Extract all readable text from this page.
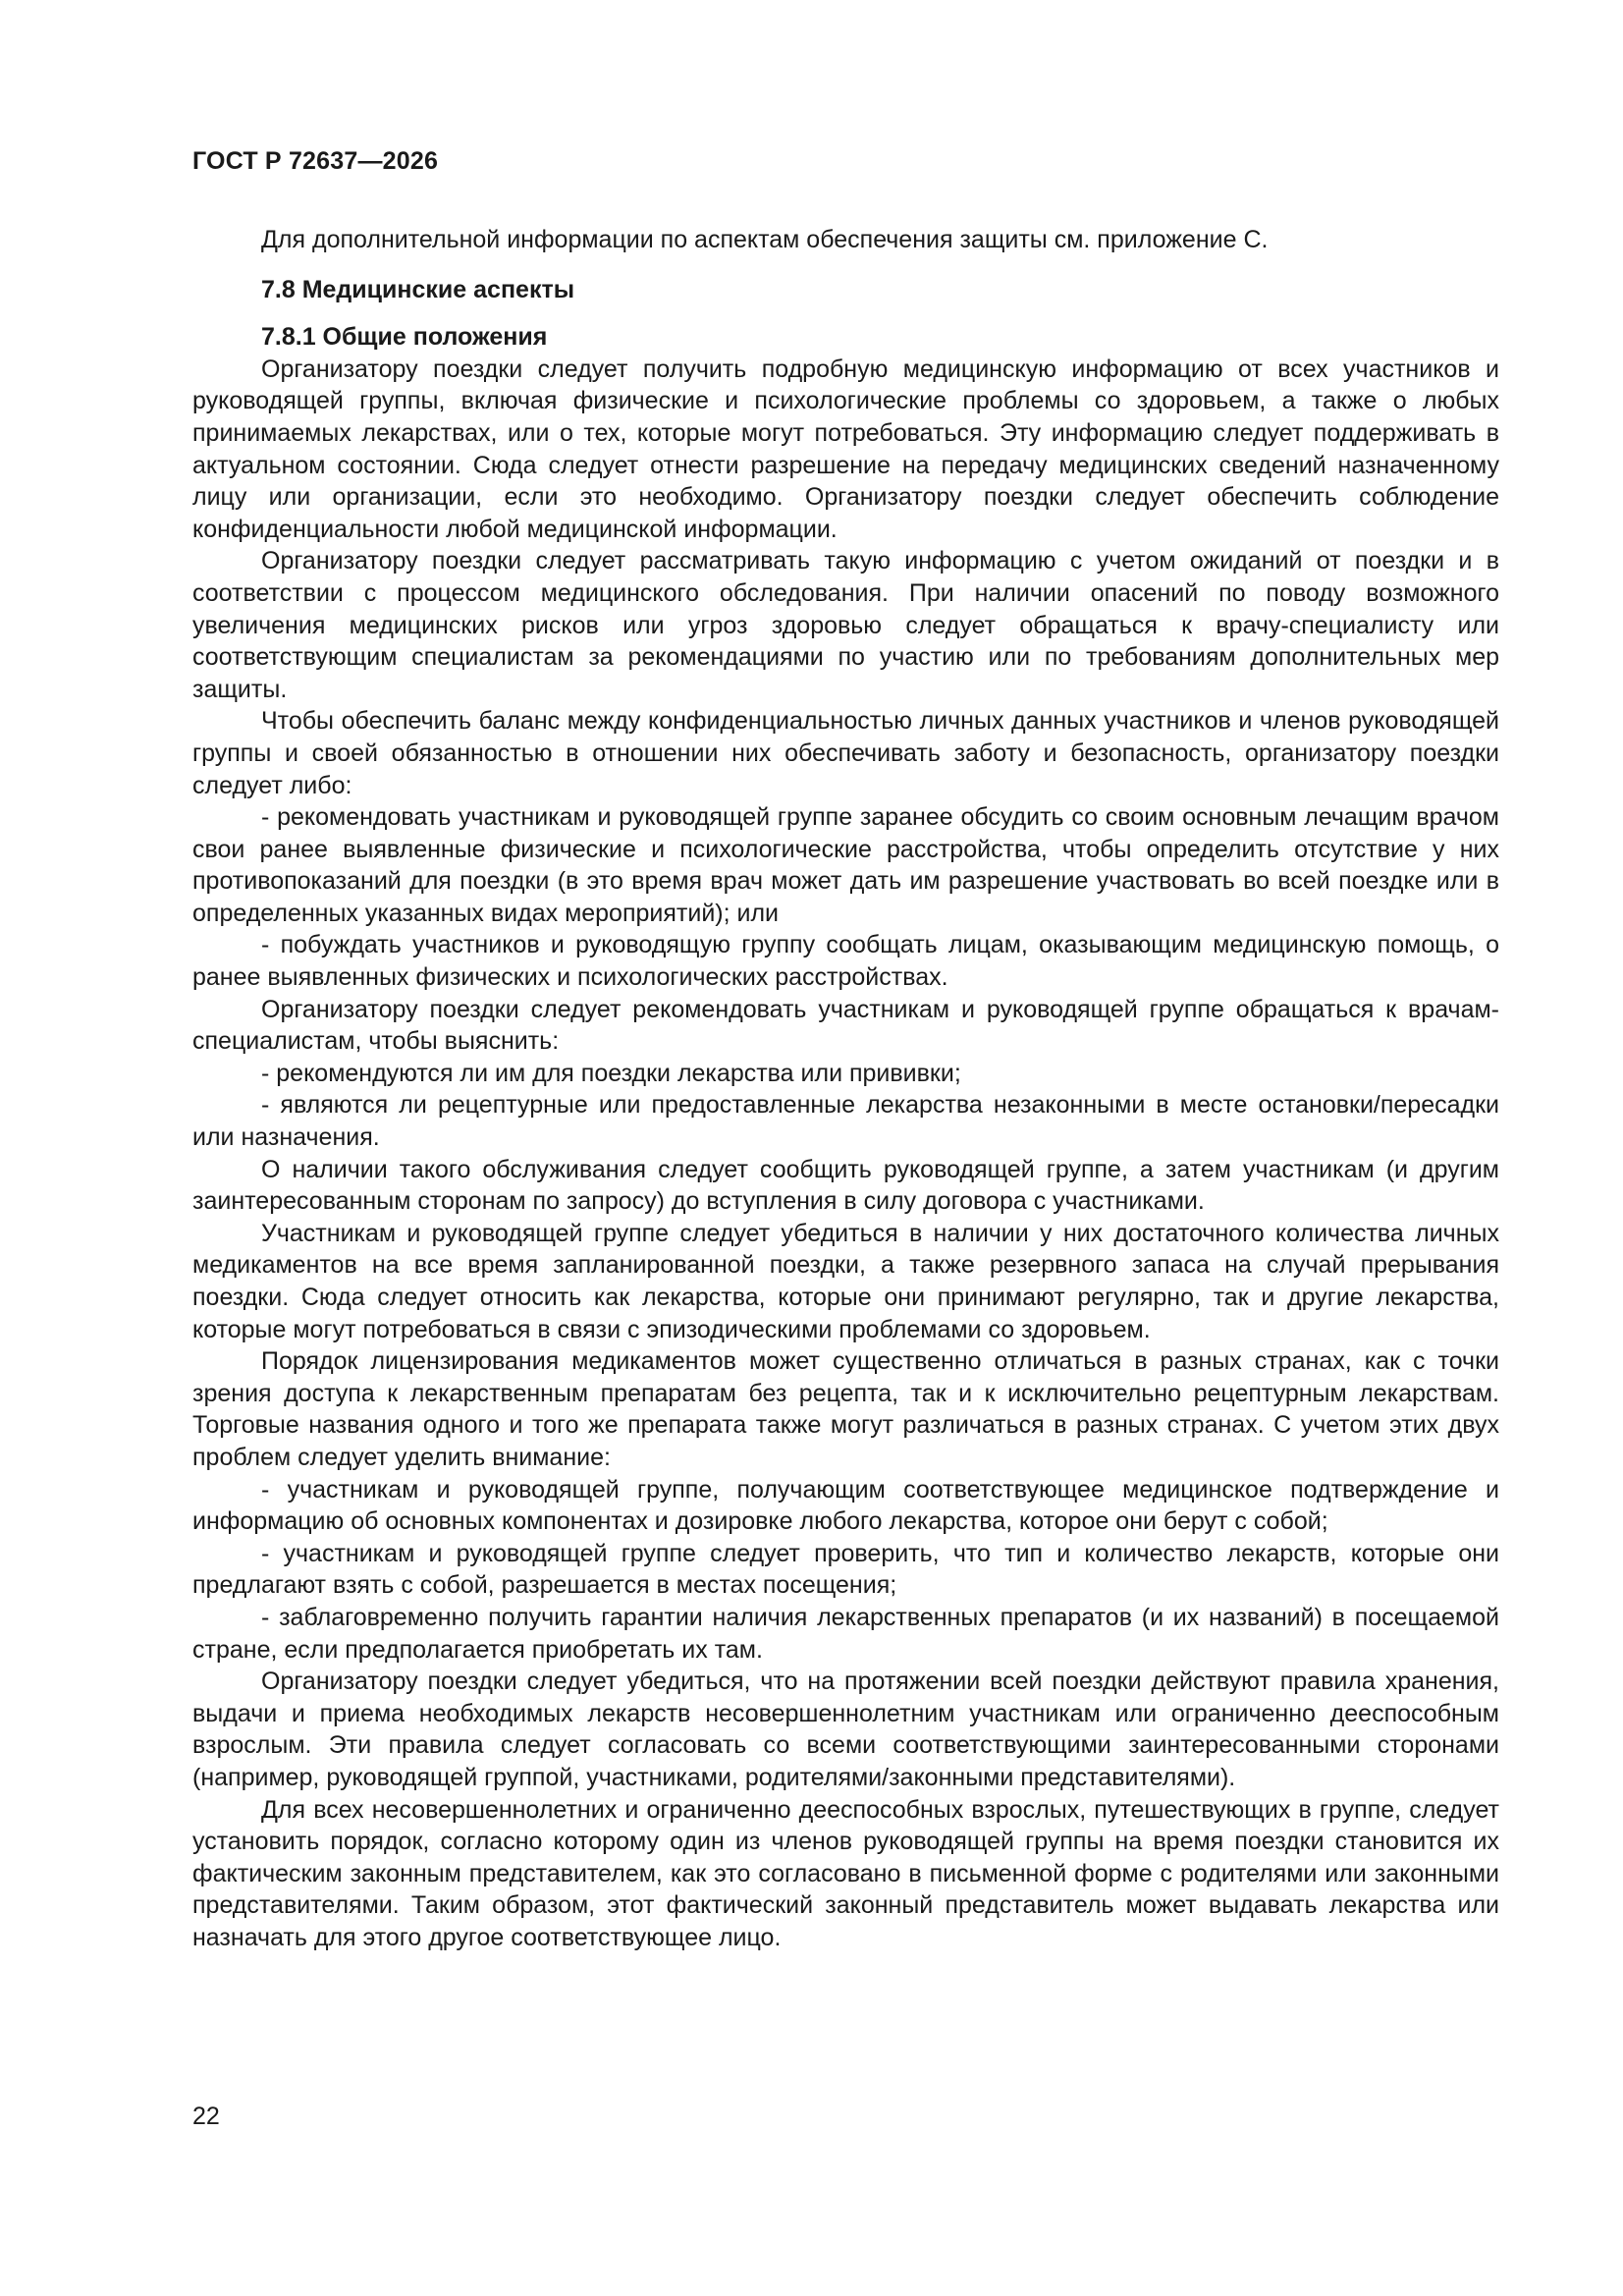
ГОСТ Р 72637—2026

Для дополнительной информации по аспектам обеспечения защиты см. приложение С.

7.8 Медицинские аспекты

7.8.1 Общие положения

Организатору поездки следует получить подробную медицинскую информацию от всех участников и руководящей группы, включая физические и психологические проблемы со здоровьем, а также о любых принимаемых лекарствах, или о тех, которые могут потребоваться. Эту информацию следует поддерживать в актуальном состоянии. Сюда следует отнести разрешение на передачу медицинских сведений назначенному лицу или организации, если это необходимо. Организатору поездки следует обеспечить соблюдение конфиденциальности любой медицинской информации.

Организатору поездки следует рассматривать такую информацию с учетом ожиданий от поездки и в соответствии с процессом медицинского обследования. При наличии опасений по поводу возможного увеличения медицинских рисков или угроз здоровью следует обращаться к врачу-специалисту или соответствующим специалистам за рекомендациями по участию или по требованиям дополнительных мер защиты.

Чтобы обеспечить баланс между конфиденциальностью личных данных участников и членов руководящей группы и своей обязанностью в отношении них обеспечивать заботу и безопасность, организатору поездки следует либо:

- рекомендовать участникам и руководящей группе заранее обсудить со своим основным лечащим врачом свои ранее выявленные физические и психологические расстройства, чтобы определить отсутствие у них противопоказаний для поездки (в это время врач может дать им разрешение участвовать во всей поездке или в определенных указанных видах мероприятий); или

- побуждать участников и руководящую группу сообщать лицам, оказывающим медицинскую помощь, о ранее выявленных физических и психологических расстройствах.

Организатору поездки следует рекомендовать участникам и руководящей группе обращаться к врачам-специалистам, чтобы выяснить:

- рекомендуются ли им для поездки лекарства или прививки;

- являются ли рецептурные или предоставленные лекарства незаконными в месте остановки/пересадки или назначения.

О наличии такого обслуживания следует сообщить руководящей группе, а затем участникам (и другим заинтересованным сторонам по запросу) до вступления в силу договора с участниками.

Участникам и руководящей группе следует убедиться в наличии у них достаточного количества личных медикаментов на все время запланированной поездки, а также резервного запаса на случай прерывания поездки. Сюда следует относить как лекарства, которые они принимают регулярно, так и другие лекарства, которые могут потребоваться в связи с эпизодическими проблемами со здоровьем.

Порядок лицензирования медикаментов может существенно отличаться в разных странах, как с точки зрения доступа к лекарственным препаратам без рецепта, так и к исключительно рецептурным лекарствам. Торговые названия одного и того же препарата также могут различаться в разных странах. С учетом этих двух проблем следует уделить внимание:

- участникам и руководящей группе, получающим соответствующее медицинское подтверждение и информацию об основных компонентах и дозировке любого лекарства, которое они берут с собой;

- участникам и руководящей группе следует проверить, что тип и количество лекарств, которые они предлагают взять с собой, разрешается в местах посещения;

- заблаговременно получить гарантии наличия лекарственных препаратов (и их названий) в посещаемой стране, если предполагается приобретать их там.

Организатору поездки следует убедиться, что на протяжении всей поездки действуют правила хранения, выдачи и приема необходимых лекарств несовершеннолетним участникам или ограниченно дееспособным взрослым. Эти правила следует согласовать со всеми соответствующими заинтересованными сторонами (например, руководящей группой, участниками, родителями/законными представителями).

Для всех несовершеннолетних и ограниченно дееспособных взрослых, путешествующих в группе, следует установить порядок, согласно которому один из членов руководящей группы на время поездки становится их фактическим законным представителем, как это согласовано в письменной форме с родителями или законными представителями. Таким образом, этот фактический законный представитель может выдавать лекарства или назначать для этого другое соответствующее лицо.

22
